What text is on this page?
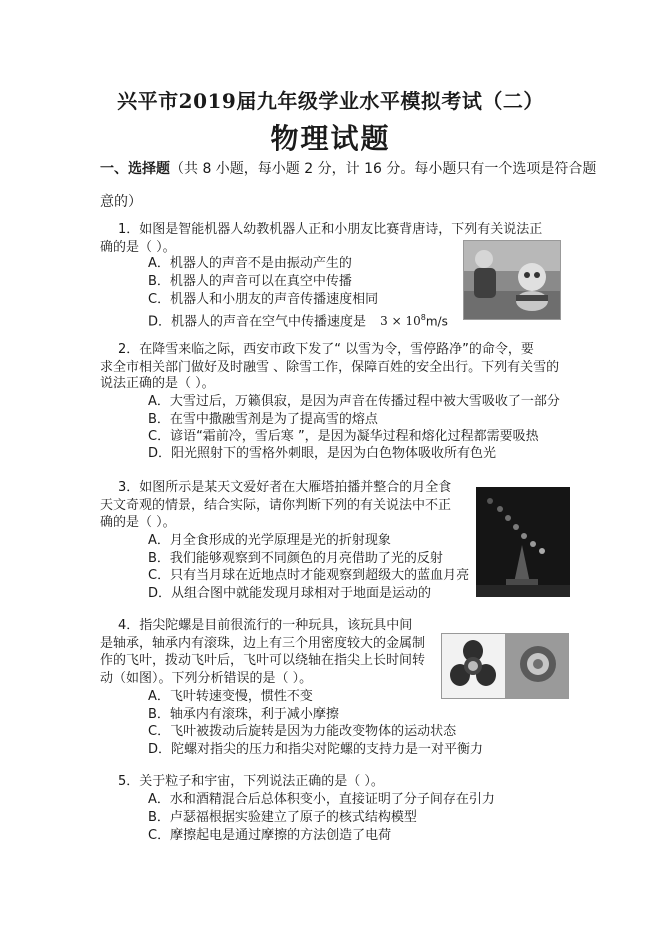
兴平市2019届九年级学业水平模拟考试（二）
物理试题
一、选择题（共 8 小题，每小题 2 分，计 16 分。每小题只有一个选项是符合题
意的）
1．如图是智能机器人幼教机器人正和小朋友比赛背唐诗，下列有关说法正
确的是（ ）。
A．机器人的声音不是由振动产生的
B．机器人的声音可以在真空中传播
C．机器人和小朋友的声音传播速度相同
D．机器人的声音在空气中传播速度是 $3 \times 10^8m/s$
2．在降雪来临之际，西安市政下发了“ 以雪为令，雪停路净”的命令，要
求全市相关部门做好及时融雪 、除雪工作，保障百姓的安全出行。下列有关雪的
说法正确的是（ ）。
A．大雪过后，万籁俱寂，是因为声音在传播过程中被大雪吸收了一部分
B．在雪中撒融雪剂是为了提高雪的熔点
C．谚语“霜前冷，雪后寒 ”，是因为凝华过程和熔化过程都需要吸热
D．阳光照射下的雪格外刺眼，是因为白色物体吸收所有色光
3．如图所示是某天文爱好者在大雁塔拍播并整合的月全食
天文奇观的情景，结合实际，请你判断下列的有关说法中不正
确的是（ ）。
A．月全食形成的光学原理是光的折射现象
B．我们能够观察到不同颜色的月亮借助了光的反射
C．只有当月球在近地点时才能观察到超级大的蓝血月亮
D．从组合图中就能发现月球相对于地面是运动的
4．指尖陀螺是目前很流行的一种玩具，该玩具中间
是轴承，轴承内有滚珠，边上有三个用密度较大的金属制
作的飞叶，拨动飞叶后，飞叶可以绕轴在指尖上长时间转
动（如图）。下列分析错误的是（ ）。
A．飞叶转速变慢，惯性不变
B．轴承内有滚珠，利于减小摩擦
C．飞叶被拨动后旋转是因为力能改变物体的运动状态
D．陀螺对指尖的压力和指尖对陀螺的支持力是一对平衡力
5．关于粒子和宇宙，下列说法正确的是（ ）。
A．水和酒精混合后总体积变小，直接证明了分子间存在引力
B．卢瑟福根据实验建立了原子的核式结构模型
C．摩擦起电是通过摩擦的方法创造了电荷
